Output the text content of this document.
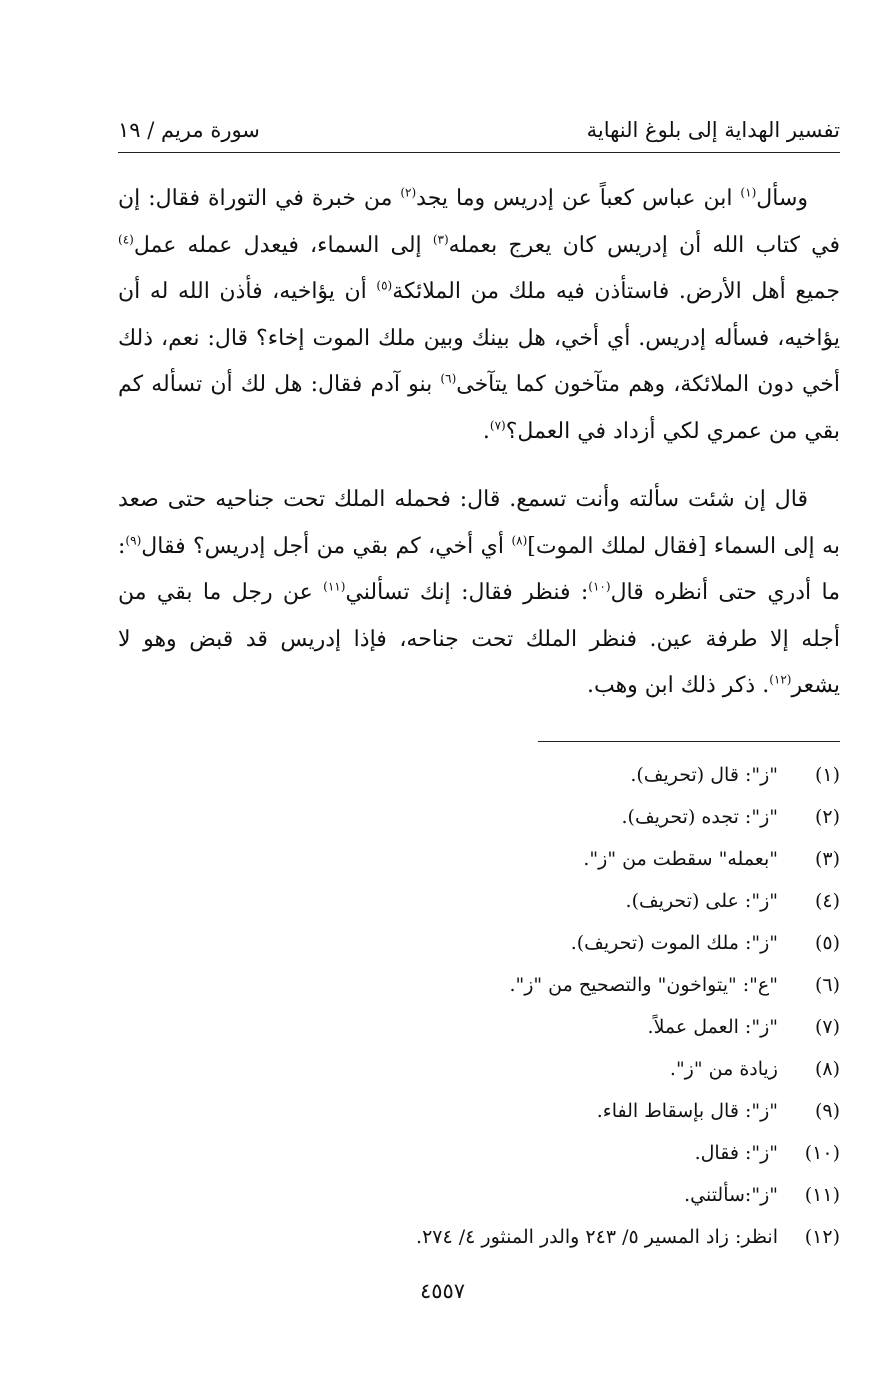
تفسير الهداية إلى بلوغ النهاية
سورة مريم / ١٩

وسأل$^{(١)}$ ابن عباس كعباً عن إدريس وما يجد$^{(٢)}$ من خبرة في التوراة فقال: إن في كتاب الله أن إدريس كان يعرج بعمله$^{(٣)}$ إلى السماء، فيعدل عمله عمل$^{(٤)}$ جميع أهل الأرض. فاستأذن فيه ملك من الملائكة$^{(٥)}$ أن يؤاخيه، فأذن الله له أن يؤاخيه، فسأله إدريس. أي أخي، هل بينك وبين ملك الموت إخاء؟ قال: نعم، ذلك أخي دون الملائكة، وهم متآخون كما يتآخى$^{(٦)}$ بنو آدم فقال: هل لك أن تسأله كم بقي من عمري لكي أزداد في العمل؟$^{(٧)}$.

قال إن شئت سألته وأنت تسمع. قال: فحمله الملك تحت جناحيه حتى صعد به إلى السماء [فقال لملك الموت]$^{(٨)}$ أي أخي، كم بقي من أجل إدريس؟ فقال$^{(٩)}$: ما أدري حتى أنظره قال$^{(١٠)}$: فنظر فقال: إنك تسألني$^{(١١)}$ عن رجل ما بقي من أجله إلا طرفة عين. فنظر الملك تحت جناحه، فإذا إدريس قد قبض وهو لا يشعر$^{(١٢)}$. ذكر ذلك ابن وهب.

(١)"ز": قال (تحريف).
(٢)"ز": تجده (تحريف).
(٣)"بعمله" سقطت من "ز".
(٤)"ز": على (تحريف).
(٥)"ز": ملك الموت (تحريف).
(٦)"ع": "يتواخون" والتصحيح من "ز".
(٧)"ز": العمل عملاً.
(٨)زيادة من "ز".
(٩)"ز": قال بإسقاط الفاء.
(١٠)"ز": فقال.
(١١)"ز":سألتني.
(١٢)انظر: زاد المسير ٥/ ٢٤٣ والدر المنثور ٤/ ٢٧٤.
٤٥٥٧
